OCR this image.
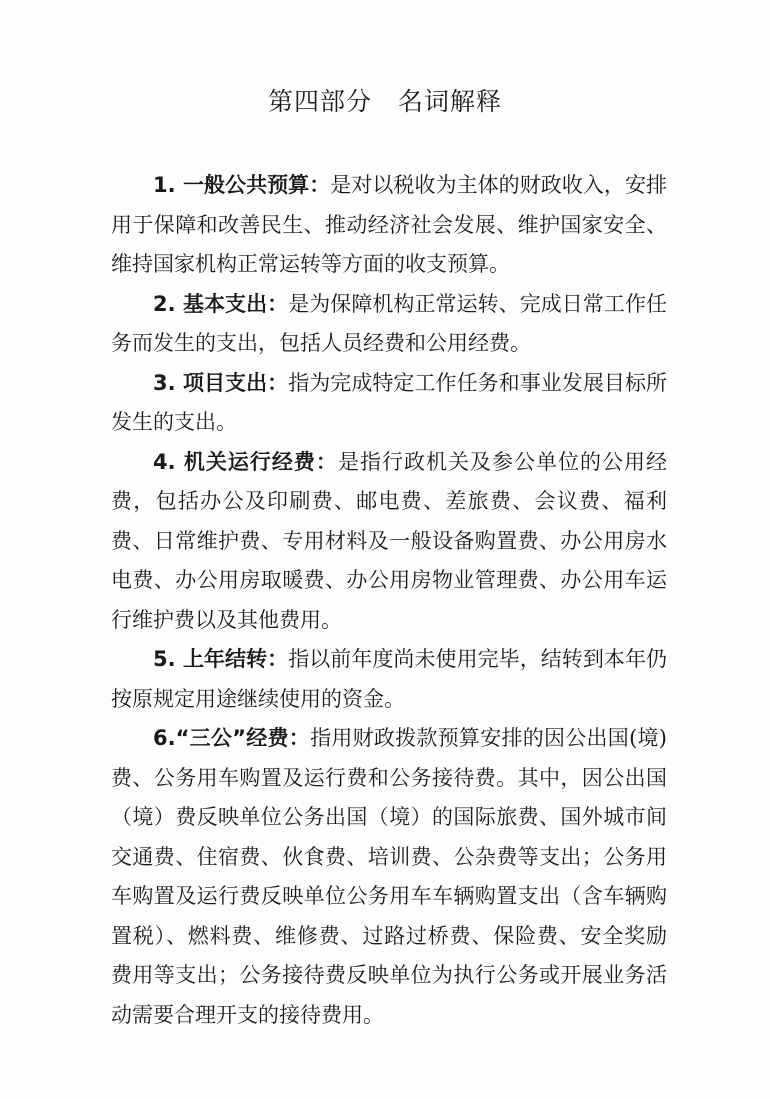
第四部分　名词解释

1. 一般公共预算：是对以税收为主体的财政收入，安排用于保障和改善民生、推动经济社会发展、维护国家安全、维持国家机构正常运转等方面的收支预算。

2. 基本支出：是为保障机构正常运转、完成日常工作任务而发生的支出，包括人员经费和公用经费。

3. 项目支出：指为完成特定工作任务和事业发展目标所发生的支出。

4. 机关运行经费：是指行政机关及参公单位的公用经费，包括办公及印刷费、邮电费、差旅费、会议费、福利费、日常维护费、专用材料及一般设备购置费、办公用房水电费、办公用房取暖费、办公用房物业管理费、办公用车运行维护费以及其他费用。

5. 上年结转：指以前年度尚未使用完毕，结转到本年仍按原规定用途继续使用的资金。

6.“三公”经费：指用财政拨款预算安排的因公出国(境)费、公务用车购置及运行费和公务接待费。其中，因公出国（境）费反映单位公务出国（境）的国际旅费、国外城市间交通费、住宿费、伙食费、培训费、公杂费等支出；公务用车购置及运行费反映单位公务用车车辆购置支出（含车辆购置税）、燃料费、维修费、过路过桥费、保险费、安全奖励费用等支出；公务接待费反映单位为执行公务或开展业务活动需要合理开支的接待费用。
